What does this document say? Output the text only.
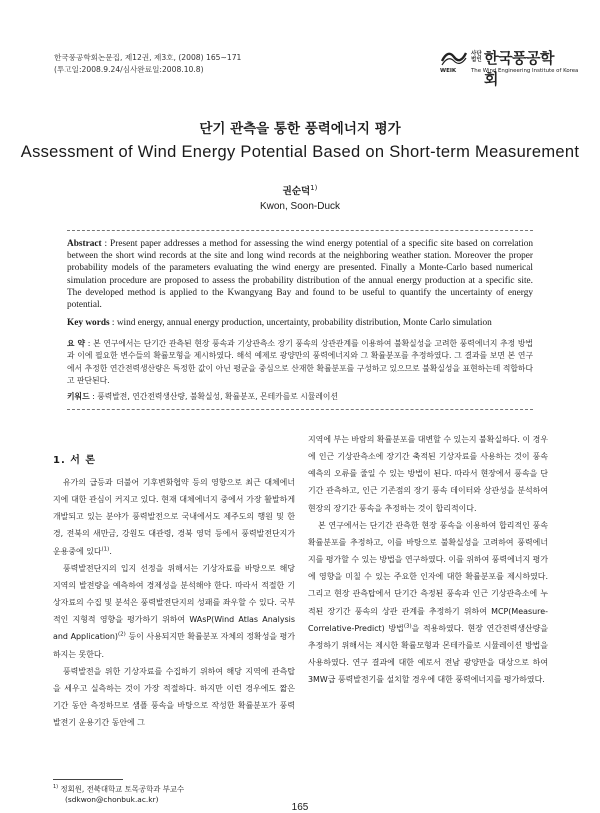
한국풍공학회논문집, 제12권, 제3호, (2008) 165~171
(투고일:2008.9.24/심사완료일:2008.10.8)
사단
법인 한국풍공학회
WEIK	The Wind Engineering Institute of Korea
단기 관측을 통한 풍력에너지 평가
Assessment of Wind Energy Potential Based on Short-term Measurement
권순덕$^{1)}$
Kwon, Soon-Duck
Abstract : Present paper addresses a method for assessing the wind energy potential of a specific site based on correlation between the short wind records at the site and long wind records at the neighboring weather station. Moreover the proper probability models of the parameters evaluating the wind energy are presented. Finally a Monte-Carlo based numerical simulation procedure are proposed to assess the probability distribution of the annual energy production at a specific site. The developed method is applied to the Kwangyang Bay and found to be useful to quantify the uncertainty of energy potential.
Key words : wind energy, annual energy production, uncertainty, probability distribution, Monte Carlo simulation
요 약 : 본 연구에서는 단기간 관측된 현장 풍속과 기상관측소 장기 풍속의 상관관계를 이용하여 불확실성을 고려한 풍력에너지 추정 방법과 이에 필요한 변수들의 확률모형을 제시하였다. 해석 예제로 광양만의 풍력에너지와 그 확률분포를 추정하였다. 그 결과를 보면 본 연구에서 추정한 연간전력생산량은 특정한 값이 아닌 평균을 중심으로 산재한 확률분포를 구성하고 있으므로 불확실성을 표현하는데 적합하다고 판단된다.
키워드 : 풍력발전, 연간전력생산량, 불확실성, 확률분포, 몬테카를로 시뮬레이션
1. 서 론

유가의 급등과 더불어 기후변화협약 등의 영향으로 최근 대체에너지에 대한 관심이 커지고 있다. 현재 대체에너지 중에서 가장 활발하게 개발되고 있는 분야가 풍력발전으로 국내에서도 제주도의 행원 및 한경, 전북의 새만금, 강원도 대관령, 경북 영덕 등에서 풍력발전단지가 운용중에 있다$^{(1)}$.

풍력발전단지의 입지 선정을 위해서는 기상자료를 바탕으로 해당 지역의 발전량을 예측하여 경제성을 분석해야 한다. 따라서 적절한 기상자료의 수집 및 분석은 풍력발전단지의 성패를 좌우할 수 있다. 국부적인 지형적 영향을 평가하기 위하여 WAsP(Wind Atlas Analysis and Application)$^{(2)}$ 등이 사용되지만 확률분포 자체의 정확성을 평가하지는 못한다.

풍력발전을 위한 기상자료를 수집하기 위하여 해당 지역에 관측탑을 세우고 실측하는 것이 가장 적절하다. 하지만 이런 경우에도 짧은 기간 동안 측정하므로 샘플 풍속을 바탕으로 작성한 확률분포가 풍력발전기 운용기간 동안에 그

지역에 부는 바람의 확률분포를 대변할 수 있는지 불확실하다. 이 경우에 인근 기상관측소에 장기간 축적된 기상자료를 사용하는 것이 풍속 예측의 오류를 줄일 수 있는 방법이 된다. 따라서 현장에서 풍속을 단기간 관측하고, 인근 기존점의 장기 풍속 데이터와 상관성을 분석하여 현장의 장기간 풍속을 추정하는 것이 합리적이다.

본 연구에서는 단기간 관측한 현장 풍속을 이용하여 합리적인 풍속 확률분포를 추정하고, 이를 바탕으로 불확실성을 고려하여 풍력에너지를 평가할 수 있는 방법을 연구하였다. 이를 위하여 풍력에너지 평가에 영향을 미칠 수 있는 주요한 인자에 대한 확률분포를 제시하였다. 그리고 현장 관측탑에서 단기간 측정된 풍속과 인근 기상관측소에 누적된 장기간 풍속의 상관 관계를 추정하기 위하여 MCP(Measure-Correlative-Predict) 방법$^{(3)}$을 적용하였다. 현장 연간전력생산량을 추정하기 위해서는 제시한 확률모형과 몬테카를로 시뮬레이션 방법을 사용하였다. 연구 결과에 대한 예로서 전남 광양만을 대상으로 하여 3MW급 풍력발전기를 설치할 경우에 대한 풍력에너지를 평가하였다.

$^{1)}$ 정회원, 전북대학교 토목공학과 부교수
(sdkwon@chonbuk.ac.kr)
165
